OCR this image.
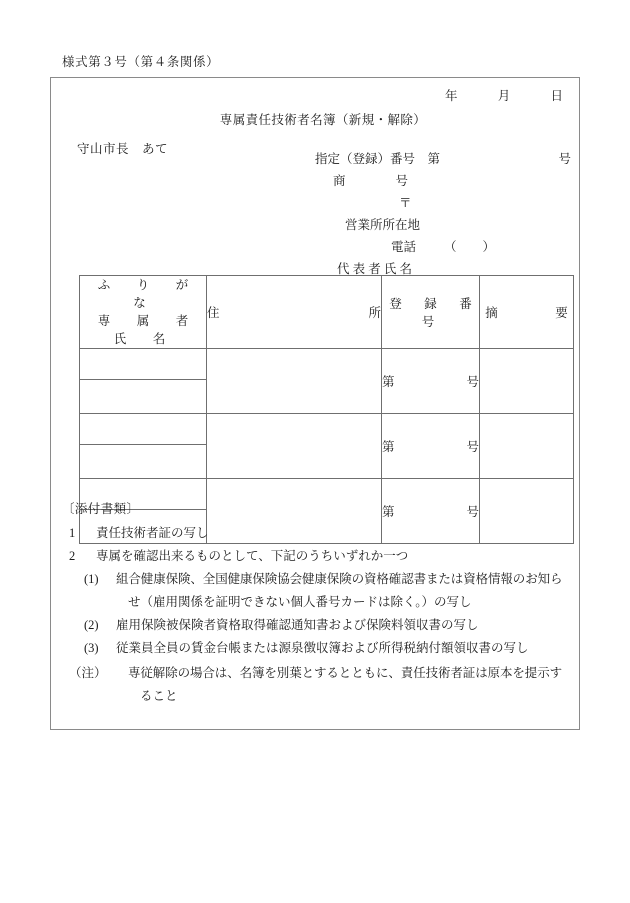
様式第３号（第４条関係）
年	月	日
専属責任技術者名簿（新規・解除）
守山市長　あて
指定（登録）番号　第	号
商　　　　号
〒
営業所所在地
電話 （ ）
代 表 者 氏 名
ふ　り　が　な
専　属　者　氏　名	住 所	登　録　番　号	摘　　　要

		第 号	

		第 号	

		第 号	

〔添付書類〕
1 責任技術者証の写し
2 専属を確認出来るものとして、下記のうちいずれか一つ
(1) 組合健康保険、全国健康保険協会健康保険の資格確認書または資格情報のお知ら
せ（雇用関係を証明できない個人番号カードは除く。）の写し
(2) 雇用保険被保険者資格取得確認通知書および保険料領収書の写し
(3) 従業員全員の賃金台帳または源泉徴収簿および所得税納付額領収書の写し
（注） 専従解除の場合は、名簿を別葉とするとともに、責任技術者証は原本を提示す
ること
